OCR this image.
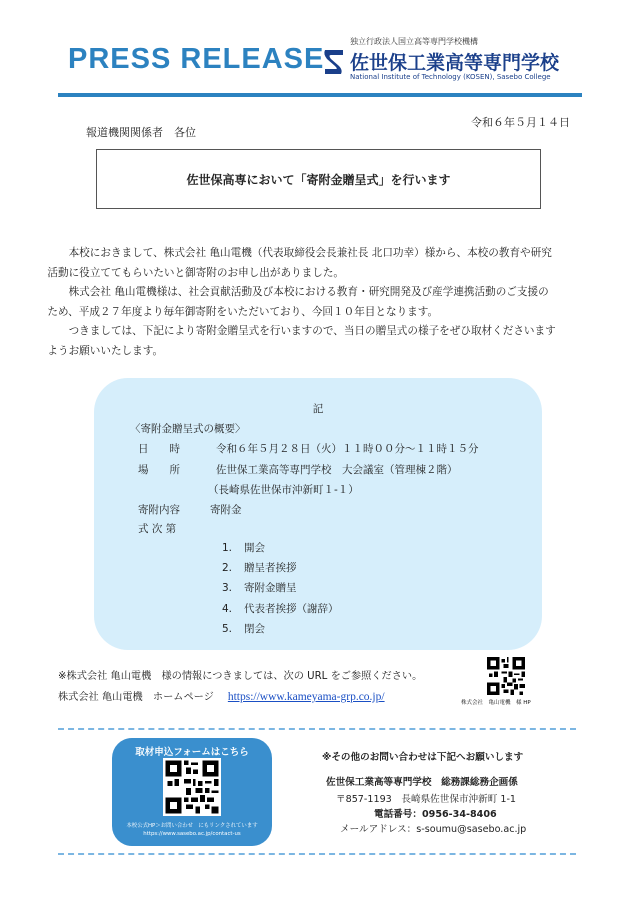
PRESS RELEASE
独立行政法人国立高等専門学校機構
佐世保工業高等専門学校
National Institute of Technology (KOSEN), Sasebo College
令和６年５月１４日
報道機関関係者　各位
佐世保高専において「寄附金贈呈式」を行います

本校におきまして、株式会社 亀山電機（代表取締役会長兼社長 北口功幸）様から、本校の教育や研究
活動に役立ててもらいたいと御寄附のお申し出がありました。

株式会社 亀山電機様は、社会貢献活動及び本校における教育・研究開発及び産学連携活動のご支援の
ため、平成２７年度より毎年御寄附をいただいており、今回１０年目となります。

つきましては、下記により寄附金贈呈式を行いますので、当日の贈呈式の様子をぜひ取材くださいます
ようお願いいたします。

記
〈寄附金贈呈式の概要〉
日　　時	令和６年５月２８日（火）１１時００分～１１時１５分
場　　所	佐世保工業高等専門学校　大会議室（管理棟２階）
（長崎県佐世保市沖新町１-１）
寄附内容	寄附金
式 次 第
1. 開会
2. 贈呈者挨拶
3. 寄附金贈呈
4. 代表者挨拶（謝辞）
5. 閉会
※株式会社 亀山電機　様の情報につきましては、次の URL をご参照ください。
株式会社 亀山電機　ホームページ https://www.kameyama-grp.co.jp/	株式会社　亀山電機　様 HP
取材申込フォームはこちら
本校公式HP＞お問い合わせ　にもリンクされています
https://www.sasebo.ac.jp/contact-us
※その他のお問い合わせは下記へお願いします
佐世保工業高等専門学校　総務課総務企画係
〒857-1193　長崎県佐世保市沖新町 1-1
電話番号：0956-34-8406
メールアドレス：s-soumu@sasebo.ac.jp
